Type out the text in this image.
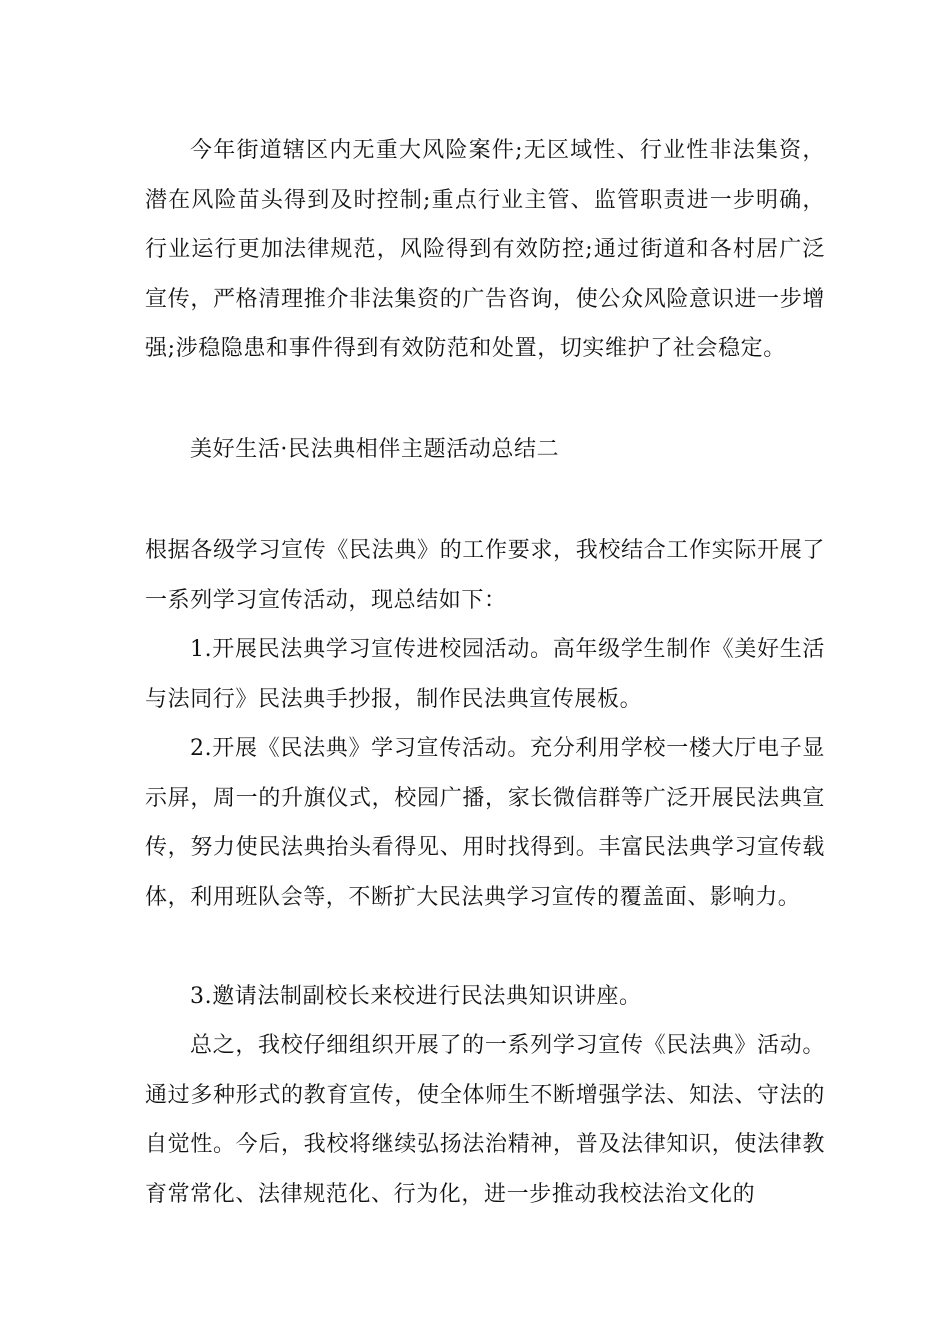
今年街道辖区内无重大风险案件;无区域性、行业性非法集资，潜在风险苗头得到及时控制;重点行业主管、监管职责进一步明确，行业运行更加法律规范，风险得到有效防控;通过街道和各村居广泛宣传，严格清理推介非法集资的广告咨询，使公众风险意识进一步增强;涉稳隐患和事件得到有效防范和处置，切实维护了社会稳定。

美好生活·民法典相伴主题活动总结二

根据各级学习宣传《民法典》的工作要求，我校结合工作实际开展了一系列学习宣传活动，现总结如下：

1.开展民法典学习宣传进校园活动。高年级学生制作《美好生活与法同行》民法典手抄报，制作民法典宣传展板。

2.开展《民法典》学习宣传活动。充分利用学校一楼大厅电子显示屏，周一的升旗仪式，校园广播，家长微信群等广泛开展民法典宣传，努力使民法典抬头看得见、用时找得到。丰富民法典学习宣传载体，利用班队会等，不断扩大民法典学习宣传的覆盖面、影响力。

3.邀请法制副校长来校进行民法典知识讲座。

总之，我校仔细组织开展了的一系列学习宣传《民法典》活动。通过多种形式的教育宣传，使全体师生不断增强学法、知法、守法的自觉性。今后，我校将继续弘扬法治精神，普及法律知识，使法律教育常常化、法律规范化、行为化，进一步推动我校法治文化的
